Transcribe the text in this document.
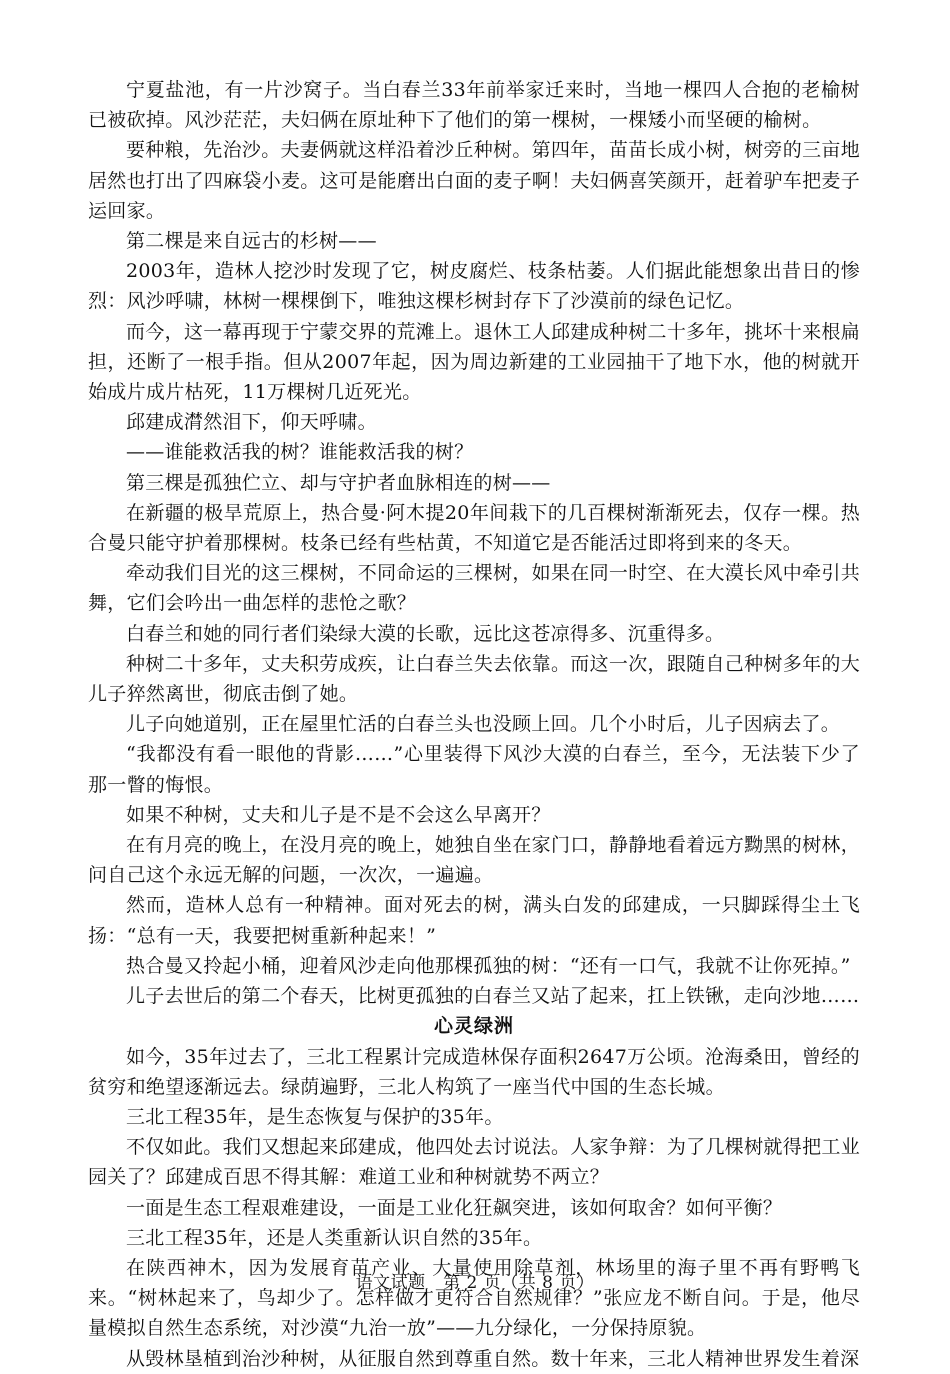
宁夏盐池，有一片沙窝子。当白春兰33年前举家迁来时，当地一棵四人合抱的老榆树已被砍掉。风沙茫茫，夫妇俩在原址种下了他们的第一棵树，一棵矮小而坚硬的榆树。

要种粮，先治沙。夫妻俩就这样沿着沙丘种树。第四年，苗苗长成小树，树旁的三亩地居然也打出了四麻袋小麦。这可是能磨出白面的麦子啊！夫妇俩喜笑颜开，赶着驴车把麦子运回家。

第二棵是来自远古的杉树——

2003年，造林人挖沙时发现了它，树皮腐烂、枝条枯萎。人们据此能想象出昔日的惨烈：风沙呼啸，林树一棵棵倒下，唯独这棵杉树封存下了沙漠前的绿色记忆。

而今，这一幕再现于宁蒙交界的荒滩上。退休工人邱建成种树二十多年，挑坏十来根扁担，还断了一根手指。但从2007年起，因为周边新建的工业园抽干了地下水，他的树就开始成片成片枯死，11万棵树几近死光。

邱建成潸然泪下，仰天呼啸。

——谁能救活我的树？谁能救活我的树？

第三棵是孤独伫立、却与守护者血脉相连的树——

在新疆的极旱荒原上，热合曼·阿木提20年间栽下的几百棵树渐渐死去，仅存一棵。热合曼只能守护着那棵树。枝条已经有些枯黄，不知道它是否能活过即将到来的冬天。

牵动我们目光的这三棵树，不同命运的三棵树，如果在同一时空、在大漠长风中牵引共舞，它们会吟出一曲怎样的悲怆之歌？

白春兰和她的同行者们染绿大漠的长歌，远比这苍凉得多、沉重得多。

种树二十多年，丈夫积劳成疾，让白春兰失去依靠。而这一次，跟随自己种树多年的大儿子猝然离世，彻底击倒了她。

儿子向她道别，正在屋里忙活的白春兰头也没顾上回。几个小时后，儿子因病去了。

“我都没有看一眼他的背影……”心里装得下风沙大漠的白春兰，至今，无法装下少了那一瞥的悔恨。

如果不种树，丈夫和儿子是不是不会这么早离开？

在有月亮的晚上，在没月亮的晚上，她独自坐在家门口，静静地看着远方黝黑的树林，问自己这个永远无解的问题，一次次，一遍遍。

然而，造林人总有一种精神。面对死去的树，满头白发的邱建成，一只脚踩得尘土飞扬：“总有一天，我要把树重新种起来！”

热合曼又拎起小桶，迎着风沙走向他那棵孤独的树：“还有一口气，我就不让你死掉。”

儿子去世后的第二个春天，比树更孤独的白春兰又站了起来，扛上铁锹，走向沙地……

心灵绿洲

如今，35年过去了，三北工程累计完成造林保存面积2647万公顷。沧海桑田，曾经的贫穷和绝望逐渐远去。绿荫遍野，三北人构筑了一座当代中国的生态长城。

三北工程35年，是生态恢复与保护的35年。

不仅如此。我们又想起来邱建成，他四处去讨说法。人家争辩：为了几棵树就得把工业园关了？邱建成百思不得其解：难道工业和种树就势不两立？

一面是生态工程艰难建设，一面是工业化狂飙突进，该如何取舍？如何平衡？

三北工程35年，还是人类重新认识自然的35年。

在陕西神木，因为发展育苗产业、大量使用除草剂，林场里的海子里不再有野鸭飞来。“树林起来了，鸟却少了。怎样做才更符合自然规律？”张应龙不断自问。于是，他尽量模拟自然生态系统，对沙漠“九治一放”——九分绿化，一分保持原貌。

从毁林垦植到治沙种树，从征服自然到尊重自然。数十年来，三北人精神世界发生着深

语文试题　第 2 页（共 8 页）
